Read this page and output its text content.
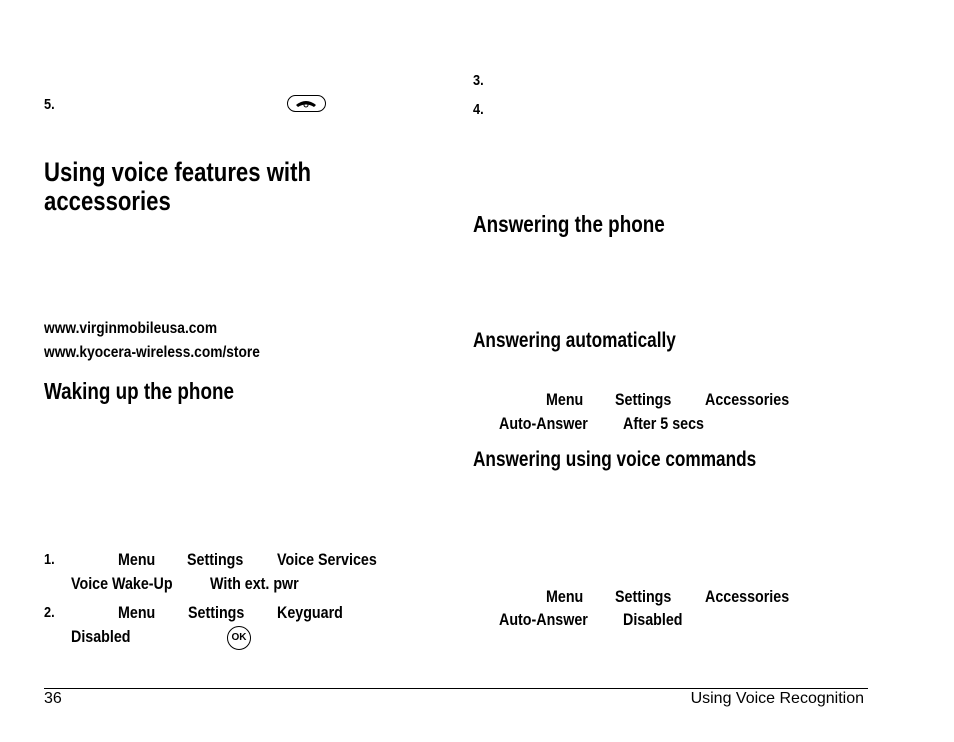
5.
Using voice features with accessories
www.virginmobileusa.com
www.kyocera-wireless.com/store
Waking up the phone
1.	Menu Settings Voice Services
Voice Wake-Up With ext. pwr
2.	Menu Settings Keyguard
Disabled	OK
3.
4.
Answering the phone
Answering automatically
Menu Settings Accessories
Auto-Answer After 5 secs
Answering using voice commands
Menu Settings Accessories
Auto-Answer Disabled
36	Using Voice Recognition
